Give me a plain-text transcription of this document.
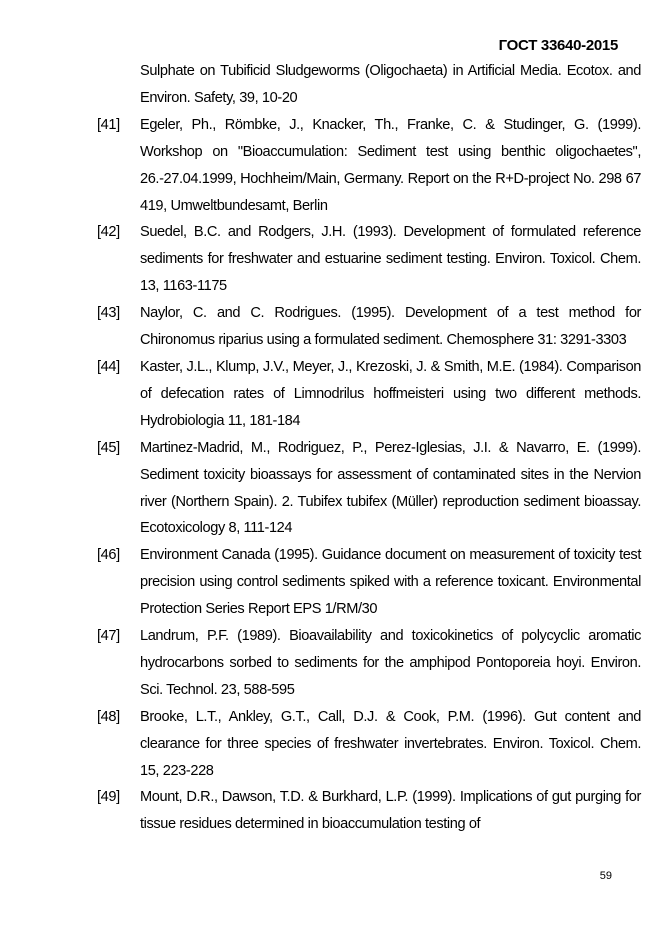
ГОСТ 33640-2015
Sulphate on Tubificid Sludgeworms (Oligochaeta) in Artificial Media. Ecotox. and Environ. Safety, 39, 10-20
[41]	Egeler, Ph., Römbke, J., Knacker, Th., Franke, C. & Studinger, G. (1999). Workshop on "Bioaccumulation: Sediment test using benthic oligochaetes", 26.-27.04.1999, Hochheim/Main, Germany. Report on the R+D-project No. 298 67 419, Umweltbundesamt, Berlin
[42]	Suedel, B.C. and Rodgers, J.H. (1993). Development of formulated reference sediments for freshwater and estuarine sediment testing. Environ. Toxicol. Chem. 13, 1163-1175
[43]	Naylor, C. and C. Rodrigues. (1995). Development of a test method for Chironomus riparius using a formulated sediment. Chemosphere 31: 3291-3303
[44]	Kaster, J.L., Klump, J.V., Meyer, J., Krezoski, J. & Smith, M.E. (1984). Comparison of defecation rates of Limnodrilus hoffmeisteri using two different methods. Hydrobiologia 11, 181-184
[45]	Martinez-Madrid, M., Rodriguez, P., Perez-Iglesias, J.I. & Navarro, E. (1999). Sediment toxicity bioassays for assessment of contaminated sites in the Nervion river (Northern Spain). 2. Tubifex tubifex (Müller) reproduction sediment bioassay. Ecotoxicology 8, 111-124
[46]	Environment Canada (1995). Guidance document on measurement of toxicity test precision using control sediments spiked with a reference toxicant. Environmental Protection Series Report EPS 1/RM/30
[47]	Landrum, P.F. (1989). Bioavailability and toxicokinetics of polycyclic aromatic hydrocarbons sorbed to sediments for the amphipod Pontoporeia hoyi. Environ. Sci. Technol. 23, 588-595
[48]	Brooke, L.T., Ankley, G.T., Call, D.J. & Cook, P.M. (1996). Gut content and clearance for three species of freshwater invertebrates. Environ. Toxicol. Chem. 15, 223-228
[49]	Mount, D.R., Dawson, T.D. & Burkhard, L.P. (1999). Implications of gut purging for tissue residues determined in bioaccumulation testing of
59
